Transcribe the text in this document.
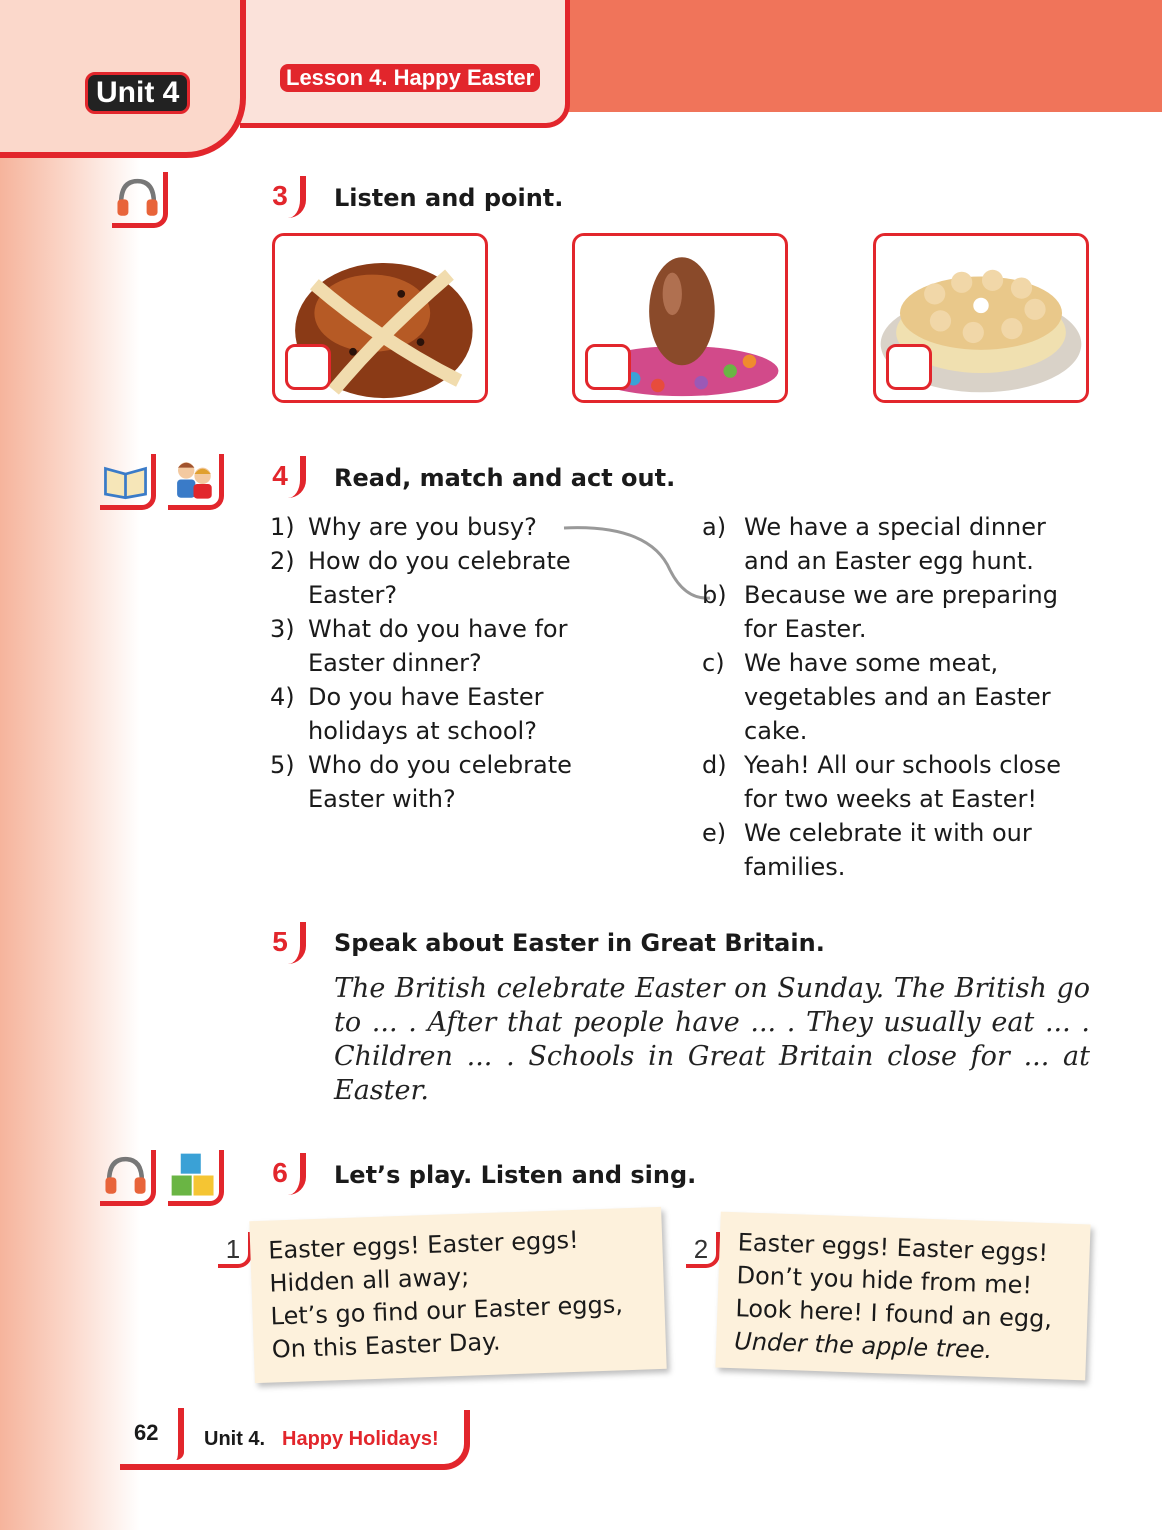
Unit 4	Lesson 4. Happy Easter
3	Listen and point.
4	Read, match and act out.
1) Why are you busy?
2) How do you celebrate Easter?
3) What do you have for Easter dinner?
4) Do you have Easter holidays at school?
5) Who do you celebrate Easter with?
a) We have a special dinner and an Easter egg hunt.
b) Because we are preparing for Easter.
c) We have some meat, vegetables and an Easter cake.
d) Yeah! All our schools close for two weeks at Easter!
e) We celebrate it with our families.
5	Speak about Easter in Great Britain.
The British celebrate Easter on Sunday. The British go to ... . After that people have ... . They usually eat ... . Children ... . Schools in Great Britain close for ... at Easter.
6	Let’s play. Listen and sing.
1	Easter eggs! Easter eggs!
Hidden all away;
Let’s go find our Easter eggs,
On this Easter Day.
2	Easter eggs! Easter eggs!
Don’t you hide from me!
Look here! I found an egg,
Under the apple tree.
62 Unit 4. Happy Holidays!
